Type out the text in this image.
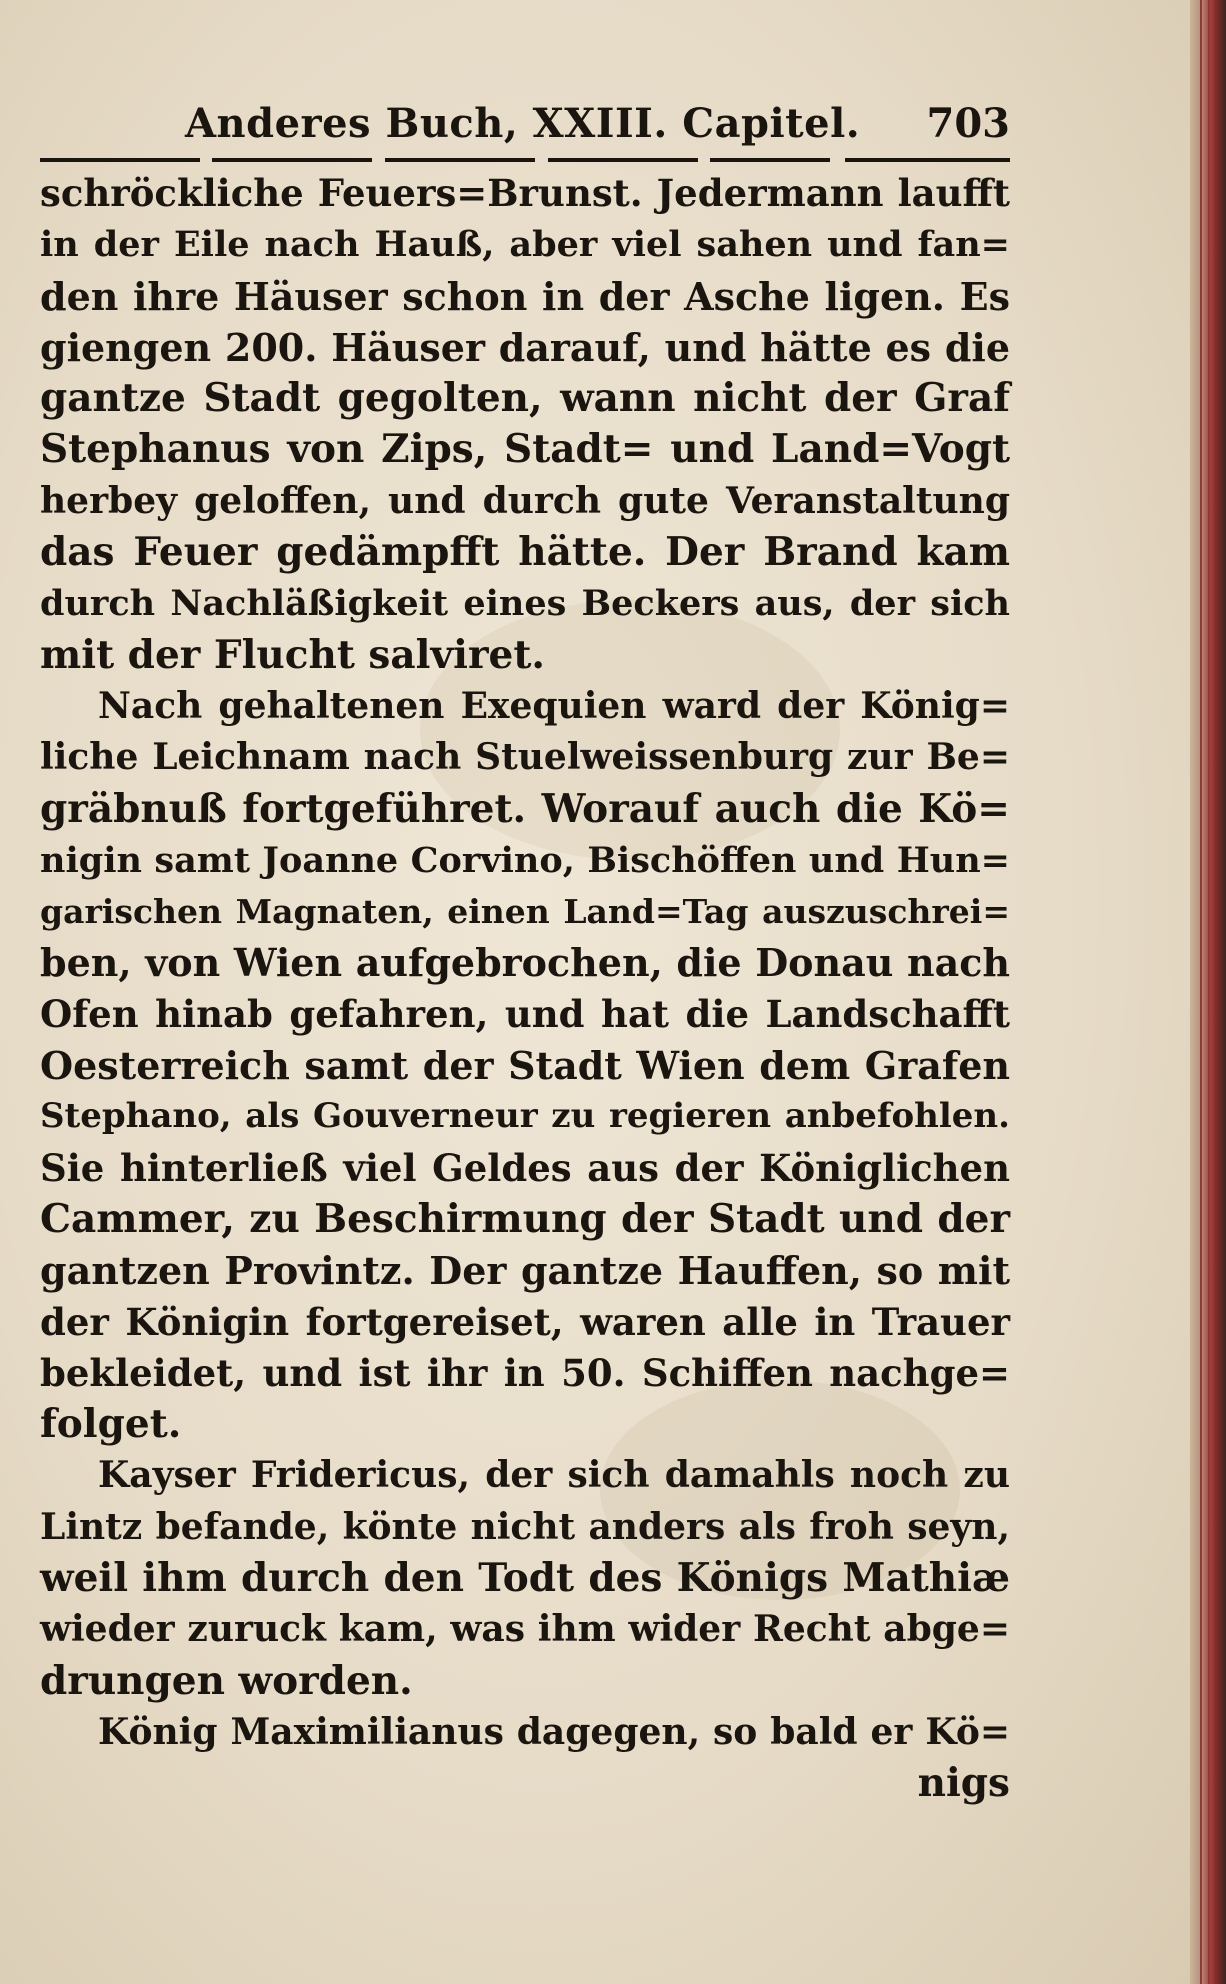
Anderes Buch, XXIII. Capitel. 703
schröckliche Feuers=Brunst. Jedermann laufft
in der Eile nach Hauß, aber viel sahen und fan=
den ihre Häuser schon in der Asche ligen. Es
giengen 200. Häuser darauf, und hätte es die
gantze Stadt gegolten, wann nicht der Graf
Stephanus von Zips, Stadt= und Land=Vogt
herbey geloffen, und durch gute Veranstaltung
das Feuer gedämpfft hätte. Der Brand kam
durch Nachläßigkeit eines Beckers aus, der sich
mit der Flucht salviret.
Nach gehaltenen Exequien ward der König=
liche Leichnam nach Stuelweissenburg zur Be=
gräbnuß fortgeführet. Worauf auch die Kö=
nigin samt Joanne Corvino, Bischöffen und Hun=
garischen Magnaten, einen Land=Tag auszuschrei=
ben, von Wien aufgebrochen, die Donau nach
Ofen hinab gefahren, und hat die Landschafft
Oesterreich samt der Stadt Wien dem Grafen
Stephano, als Gouverneur zu regieren anbefohlen.
Sie hinterließ viel Geldes aus der Königlichen
Cammer, zu Beschirmung der Stadt und der
gantzen Provintz. Der gantze Hauffen, so mit
der Königin fortgereiset, waren alle in Trauer
bekleidet, und ist ihr in 50. Schiffen nachge=
folget.
Kayser Fridericus, der sich damahls noch zu
Lintz befande, könte nicht anders als froh seyn,
weil ihm durch den Todt des Königs Mathiæ
wieder zuruck kam, was ihm wider Recht abge=
drungen worden.
König Maximilianus dagegen, so bald er Kö=
nigs
